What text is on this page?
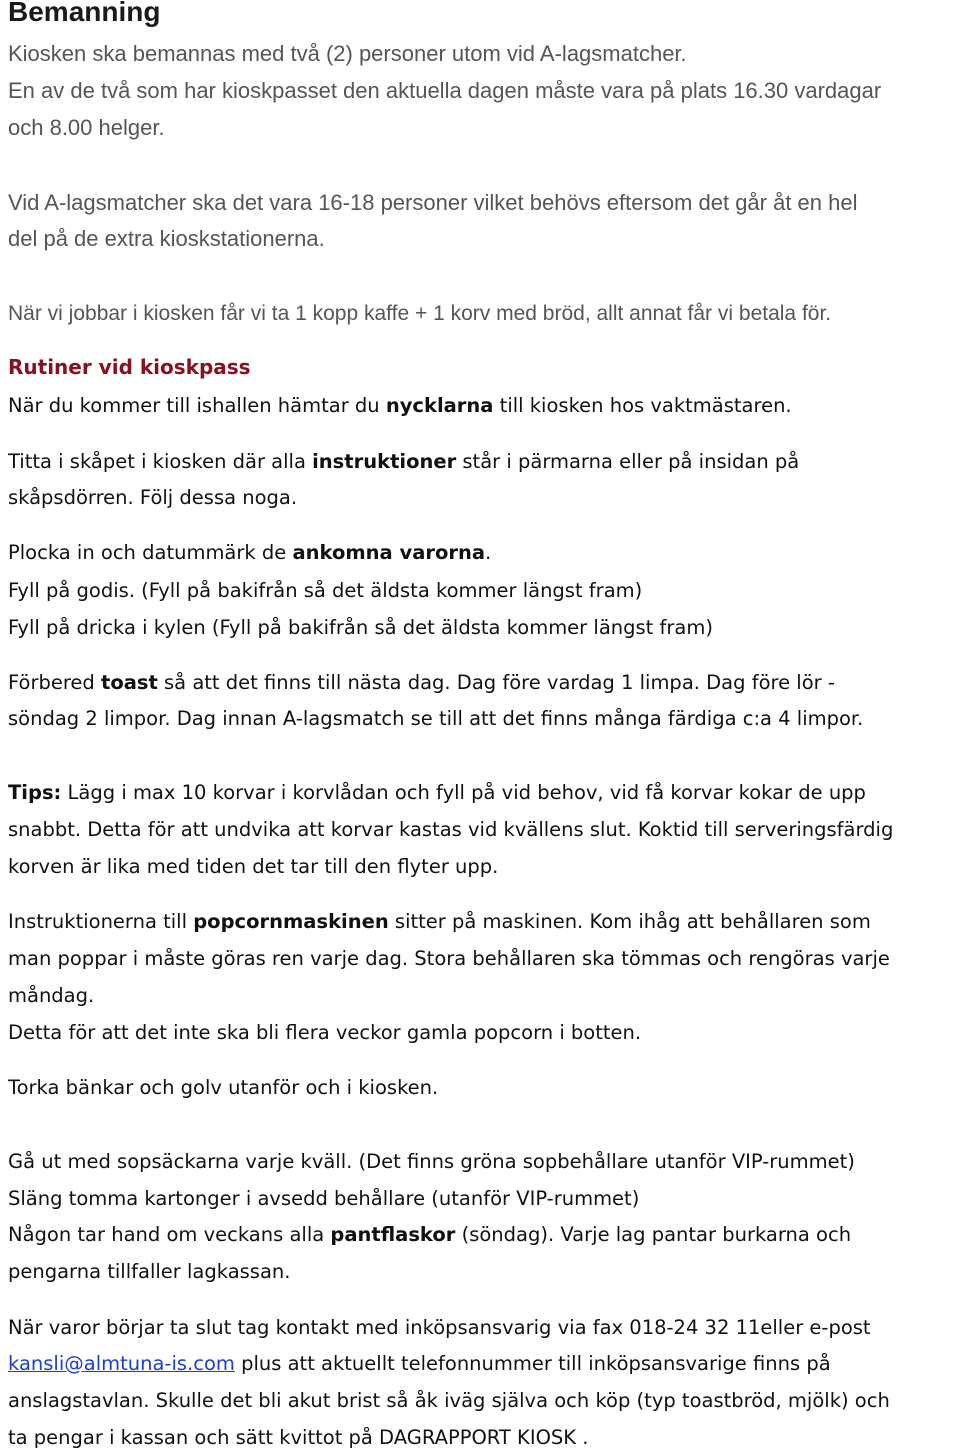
Bemanning
Kiosken ska bemannas med två (2) personer utom vid A-lagsmatcher.
En av de två som har kioskpasset den aktuella dagen måste vara på plats 16.30 vardagar
och 8.00 helger.
Vid A-lagsmatcher ska det vara 16-18 personer vilket behövs eftersom det går åt en hel
del på de extra kioskstationerna.
När vi jobbar i kiosken får vi ta 1 kopp kaffe + 1 korv med bröd, allt annat får vi betala för.
Rutiner vid kioskpass
När du kommer till ishallen hämtar du nycklarna till kiosken hos vaktmästaren.
Titta i skåpet i kiosken där alla instruktioner står i pärmarna eller på insidan på
skåpsdörren. Följ dessa noga.
Plocka in och datummärk de ankomna varorna.
Fyll på godis. (Fyll på bakifrån så det äldsta kommer längst fram)
Fyll på dricka i kylen (Fyll på bakifrån så det äldsta kommer längst fram)
Förbered toast så att det finns till nästa dag. Dag före vardag 1 limpa. Dag före lör -
söndag 2 limpor. Dag innan A-lagsmatch se till att det finns många färdiga c:a 4 limpor.
Tips: Lägg i max 10 korvar i korvlådan och fyll på vid behov, vid få korvar kokar de upp
snabbt. Detta för att undvika att korvar kastas vid kvällens slut. Koktid till serveringsfärdig
korven är lika med tiden det tar till den flyter upp.
Instruktionerna till popcornmaskinen sitter på maskinen. Kom ihåg att behållaren som
man poppar i måste göras ren varje dag. Stora behållaren ska tömmas och rengöras varje
måndag.
Detta för att det inte ska bli flera veckor gamla popcorn i botten.
Torka bänkar och golv utanför och i kiosken.
Gå ut med sopsäckarna varje kväll. (Det finns gröna sopbehållare utanför VIP-rummet)
Släng tomma kartonger i avsedd behållare (utanför VIP-rummet)
Någon tar hand om veckans alla pantflaskor (söndag). Varje lag pantar burkarna och
pengarna tillfaller lagkassan.
När varor börjar ta slut tag kontakt med inköpsansvarig via fax 018-24 32 11eller e-post
kansli@almtuna-is.com plus att aktuellt telefonnummer till inköpsansvarige finns på
anslagstavlan. Skulle det bli akut brist så åk iväg själva och köp (typ toastbröd, mjölk) och
ta pengar i kassan och sätt kvittot på DAGRAPPORT KIOSK .
